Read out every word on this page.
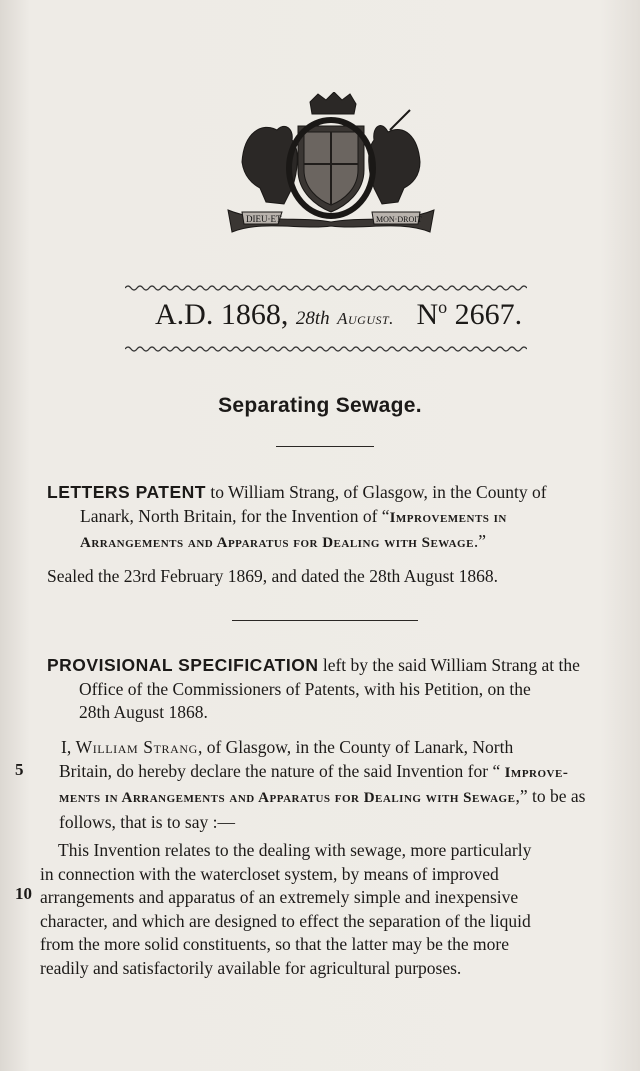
DIEU·ET	MON·DROIT
A.D. 1868, 28th August. $N^o$ 2667.
Separating Sewage.
LETTERS PATENT to William Strang, of Glasgow, in the County of
Lanark, North Britain, for the Invention of “Improvements in
Arrangements and Apparatus for Dealing with Sewage.”
Sealed the 23rd February 1869, and dated the 28th August 1868.
PROVISIONAL SPECIFICATION left by the said William Strang at the
Office of the Commissioners of Patents, with his Petition, on the
28th August 1868.
5
I, William Strang, of Glasgow, in the County of Lanark, North
Britain, do hereby declare the nature of the said Invention for “ Improve-
ments in Arrangements and Apparatus for Dealing with Sewage,” to be as
follows, that is to say :—
10
This Invention relates to the dealing with sewage, more particularly
in connection with the watercloset system, by means of improved
arrangements and apparatus of an extremely simple and inexpensive
character, and which are designed to effect the separation of the liquid
from the more solid constituents, so that the latter may be the more
readily and satisfactorily available for agricultural purposes.
